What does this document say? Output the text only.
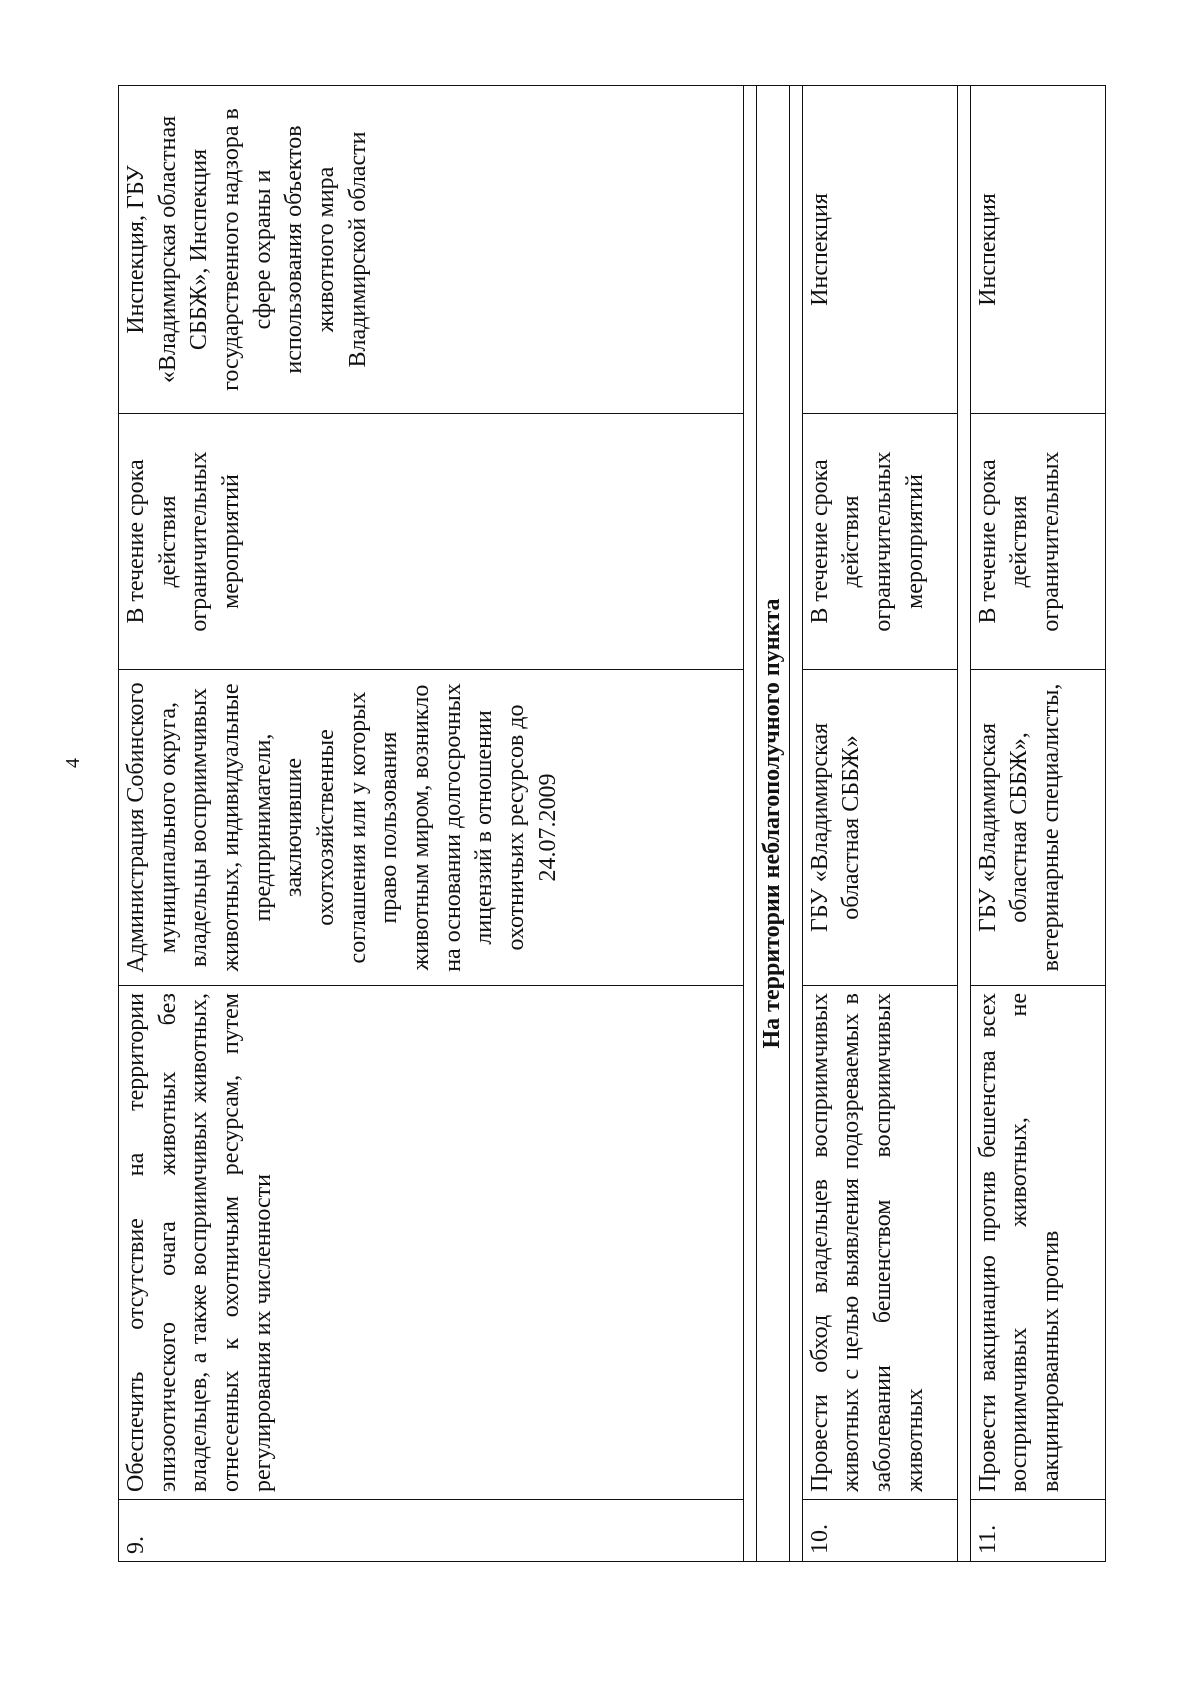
4
9.	Обеспечить отсутствие на территории эпизоотического очага животных без владельцев, а также восприимчивых животных, отнесенных к охотничьим ресурсам, путем регулирования их численности	Администрация Собинского муниципального округа, владельцы восприимчивых животных, индивидуальные предприниматели, заключившие охотхозяйственные соглашения или у которых право пользования животным миром, возникло на основании долгосрочных лицензий в отношении охотничьих ресурсов до 24.07.2009	В течение срока действия ограничительных мероприятий	Инспекция, ГБУ «Владимирская областная СББЖ», Инспекция государственного надзора в сфере охраны и использования объектов животного мира Владимирской области

На территории неблагополучного пункта				

10.	Провести обход владельцев восприимчивых животных с целью выявления подозреваемых в заболевании бешенством восприимчивых животных	ГБУ «Владимирская областная СББЖ»	В течение срока действия ограничительных мероприятий	Инспекция

11.	Провести вакцинацию против бешенства всех восприимчивых животных, не вакцинированных против	ГБУ «Владимирская областная СББЖ», ветеринарные специалисты,	В течение срока действия ограничительных	Инспекция
